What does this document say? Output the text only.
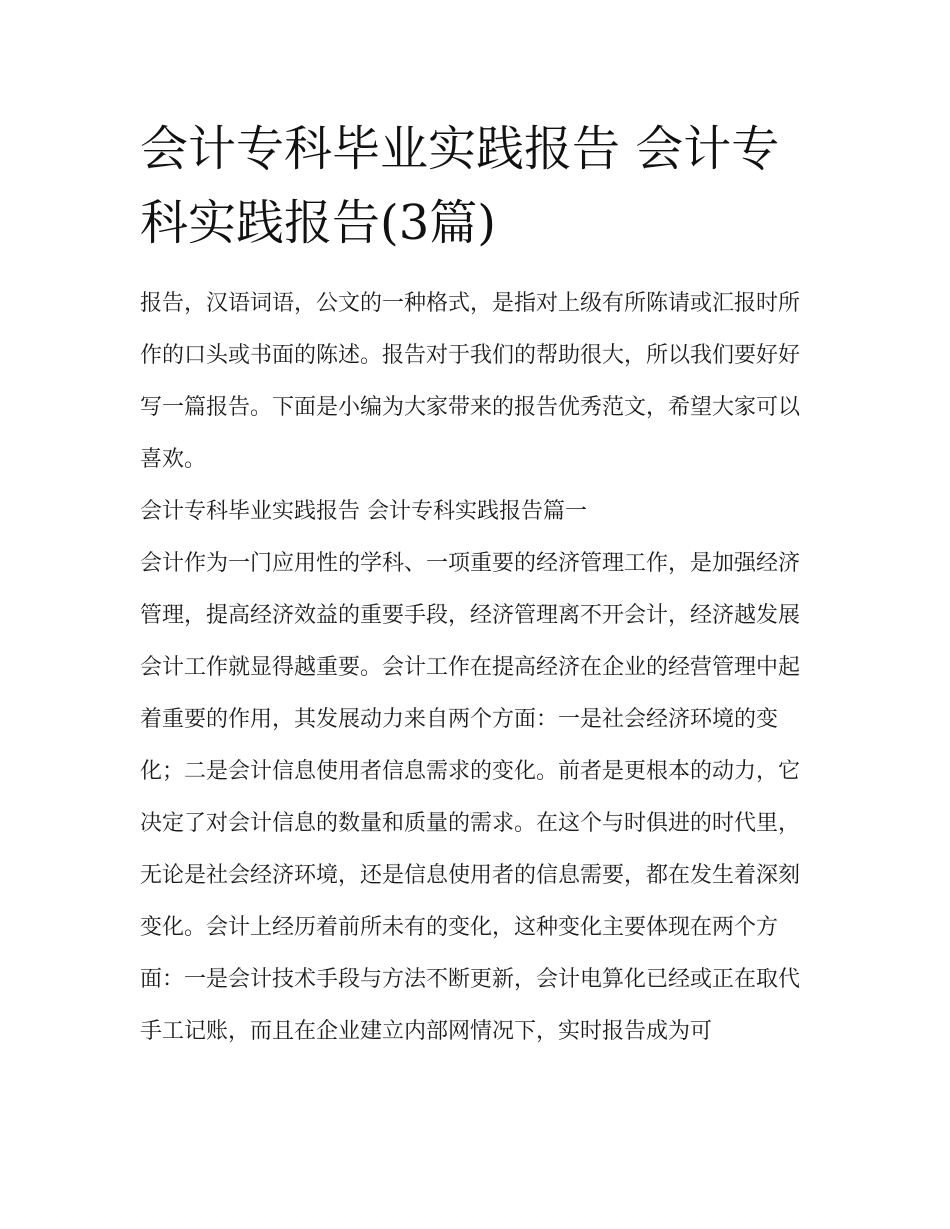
会计专科毕业实践报告 会计专科实践报告(3篇)

报告，汉语词语，公文的一种格式，是指对上级有所陈请或汇报时所作的口头或书面的陈述。报告对于我们的帮助很大，所以我们要好好写一篇报告。下面是小编为大家带来的报告优秀范文，希望大家可以喜欢。

会计专科毕业实践报告 会计专科实践报告篇一

会计作为一门应用性的学科、一项重要的经济管理工作，是加强经济管理，提高经济效益的重要手段，经济管理离不开会计，经济越发展会计工作就显得越重要。会计工作在提高经济在企业的经营管理中起着重要的作用，其发展动力来自两个方面：一是社会经济环境的变化；二是会计信息使用者信息需求的变化。前者是更根本的动力，它决定了对会计信息的数量和质量的需求。在这个与时俱进的时代里，无论是社会经济环境，还是信息使用者的信息需要，都在发生着深刻变化。会计上经历着前所未有的变化，这种变化主要体现在两个方面：一是会计技术手段与方法不断更新，会计电算化已经或正在取代手工记账，而且在企业建立内部网情况下，实时报告成为可
